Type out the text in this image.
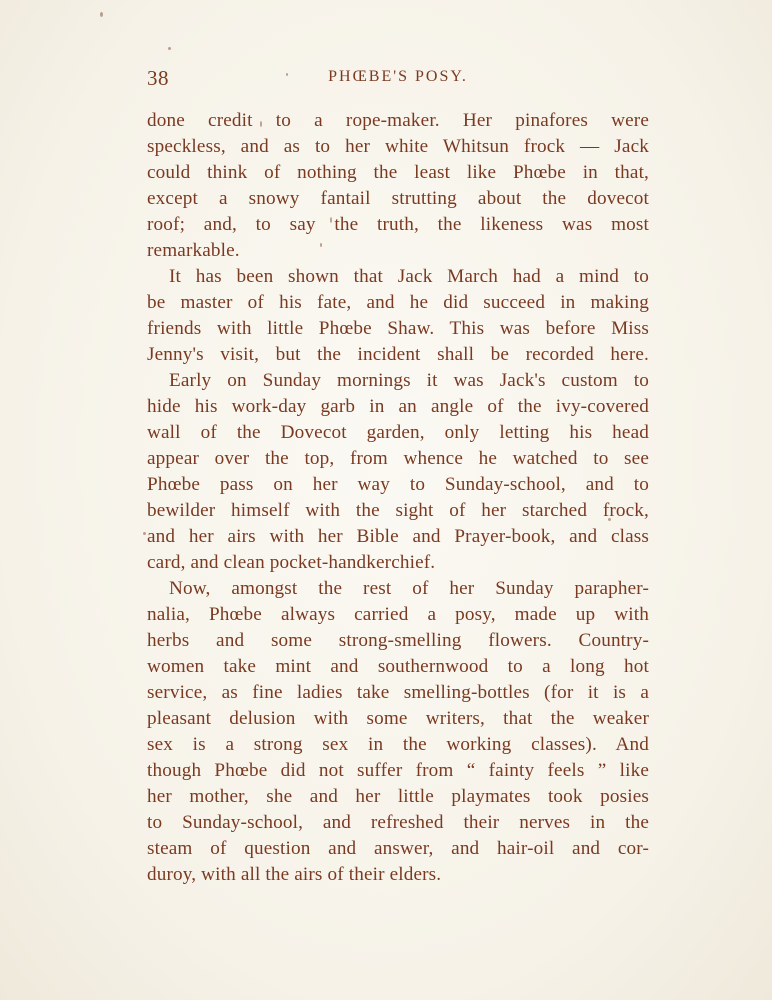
38	PHŒBE'S POSY.
done credit to a rope-maker. Her pinafores were
speckless, and as to her white Whitsun frock — Jack
could think of nothing the least like Phœbe in that,
except a snowy fantail strutting about the dovecot
roof; and, to say the truth, the likeness was most
remarkable.
It has been shown that Jack March had a mind to
be master of his fate, and he did succeed in making
friends with little Phœbe Shaw. This was before Miss
Jenny's visit, but the incident shall be recorded here.
Early on Sunday mornings it was Jack's custom to
hide his work-day garb in an angle of the ivy-covered
wall of the Dovecot garden, only letting his head
appear over the top, from whence he watched to see
Phœbe pass on her way to Sunday-school, and to
bewilder himself with the sight of her starched frock,
and her airs with her Bible and Prayer-book, and class
card, and clean pocket-handkerchief.
Now, amongst the rest of her Sunday parapher-
nalia, Phœbe always carried a posy, made up with
herbs and some strong-smelling flowers. Country-
women take mint and southernwood to a long hot
service, as fine ladies take smelling-bottles (for it is a
pleasant delusion with some writers, that the weaker
sex is a strong sex in the working classes). And
though Phœbe did not suffer from “ fainty feels ” like
her mother, she and her little playmates took posies
to Sunday-school, and refreshed their nerves in the
steam of question and answer, and hair-oil and cor-
duroy, with all the airs of their elders.
